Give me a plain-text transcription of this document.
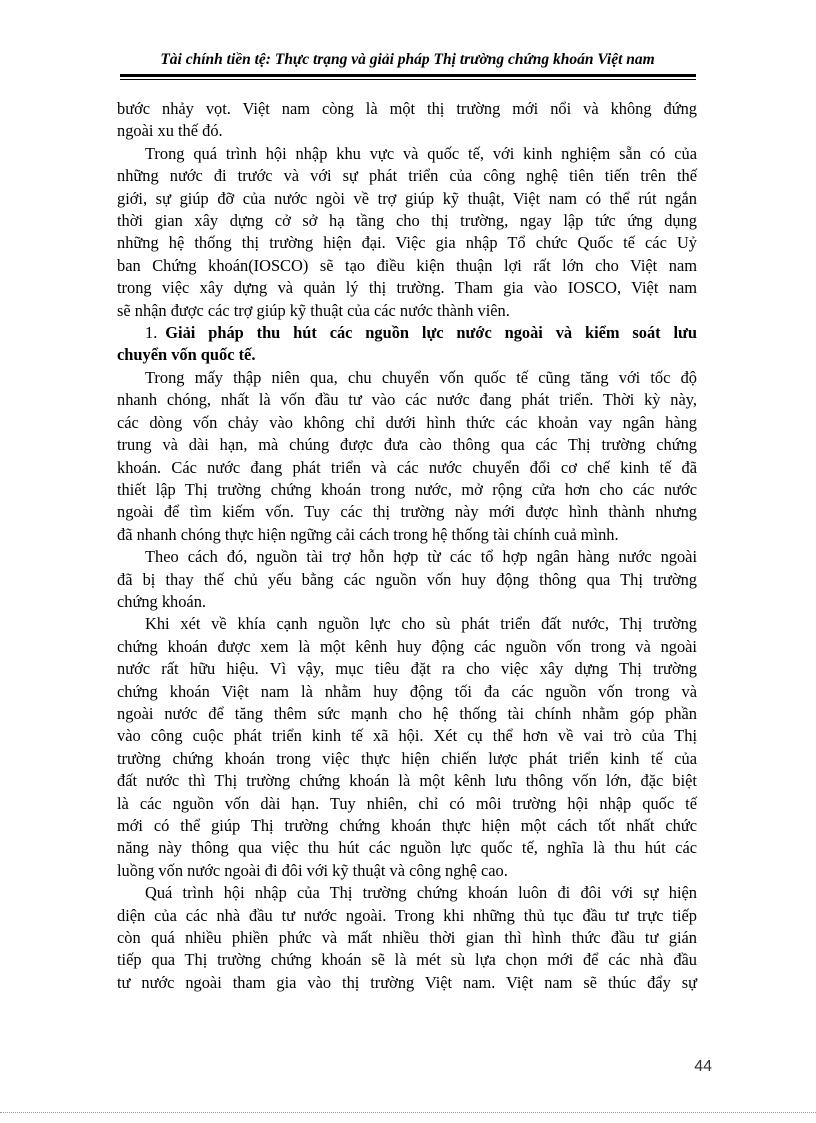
Tài chính tiền tệ: Thực trạng và giải pháp Thị trường chứng khoán Việt nam
bước nhảy vọt. Việt nam còng là một thị trường mới nổi và không đứng
ngoài xu thế đó.
Trong quá trình hội nhập khu vực và quốc tế, với kinh nghiệm sẵn có của
những nước đi trước và với sự phát triển của công nghệ tiên tiến trên thế
giới, sự giúp đỡ của nước ngòi về trợ giúp kỹ thuật, Việt nam có thể rút ngắn
thời gian xây dựng cở sở hạ tầng cho thị trường, ngay lập tức ứng dụng
những hệ thống thị trường hiện đại. Việc gia nhập Tổ chức Quốc tế các Uỷ
ban Chứng khoán(IOSCO) sẽ tạo điều kiện thuận lợi rất lớn cho Việt nam
trong việc xây dựng và quản lý thị trường. Tham gia vào IOSCO, Việt nam
sẽ nhận được các trợ giúp kỹ thuật của các nước thành viên.
1. Giải pháp thu hút các nguồn lực nước ngoài và kiểm soát lưu
chuyển vốn quốc tế.
Trong mấy thập niên qua, chu chuyển vốn quốc tế cũng tăng với tốc độ
nhanh chóng, nhất là vốn đầu tư vào các nước đang phát triển. Thời kỳ này,
các dòng vốn chảy vào không chỉ dưới hình thức các khoản vay ngân hàng
trung và dài hạn, mà chúng được đưa cào thông qua các Thị trường chứng
khoán. Các nước đang phát triển và các nước chuyển đổi cơ chế kinh tế đã
thiết lập Thị trường chứng khoán trong nước, mở rộng cửa hơn cho các nước
ngoài để tìm kiếm vốn. Tuy các thị trường này mới được hình thành nhưng
đã nhanh chóng thực hiện ngững cải cách trong hệ thống tài chính cuả mình.
Theo cách đó, nguồn tài trợ hỗn hợp từ các tổ hợp ngân hàng nước ngoài
đã bị thay thế chủ yếu bằng các nguồn vốn huy động thông qua Thị trường
chứng khoán.
Khi xét về khía cạnh nguồn lực cho sù phát triển đất nước, Thị trường
chứng khoán được xem là một kênh huy động các nguồn vốn trong và ngoài
nước rất hữu hiệu. Vì vậy, mục tiêu đặt ra cho việc xây dựng Thị trường
chứng khoán Việt nam là nhằm huy động tối đa các nguồn vốn trong và
ngoài nước để tăng thêm sức mạnh cho hệ thống tài chính nhằm góp phần
vào công cuộc phát triển kinh tế xã hội. Xét cụ thể hơn về vai trò của Thị
trường chứng khoán trong việc thực hiện chiến lược phát triển kinh tế của
đất nước thì Thị trường chứng khoán là một kênh lưu thông vốn lớn, đặc biệt
là các nguồn vốn dài hạn. Tuy nhiên, chỉ có môi trường hội nhập quốc tế
mới có thể giúp Thị trường chứng khoán thực hiện một cách tốt nhất chức
năng này thông qua việc thu hút các nguồn lực quốc tế, nghĩa là thu hút các
luồng vốn nước ngoài đi đôi với kỹ thuật và công nghệ cao.
Quá trình hội nhập của Thị trường chứng khoán luôn đi đôi với sự hiện
diện của các nhà đầu tư nước ngoài. Trong khi những thủ tục đầu tư trực tiếp
còn quá nhiều phiền phức và mất nhiều thời gian thì hình thức đầu tư gián
tiếp qua Thị trường chứng khoán sẽ là mét sù lựa chọn mới để các nhà đầu
tư nước ngoài tham gia vào thị trường Việt nam. Việt nam sẽ thúc đẩy sự
44
